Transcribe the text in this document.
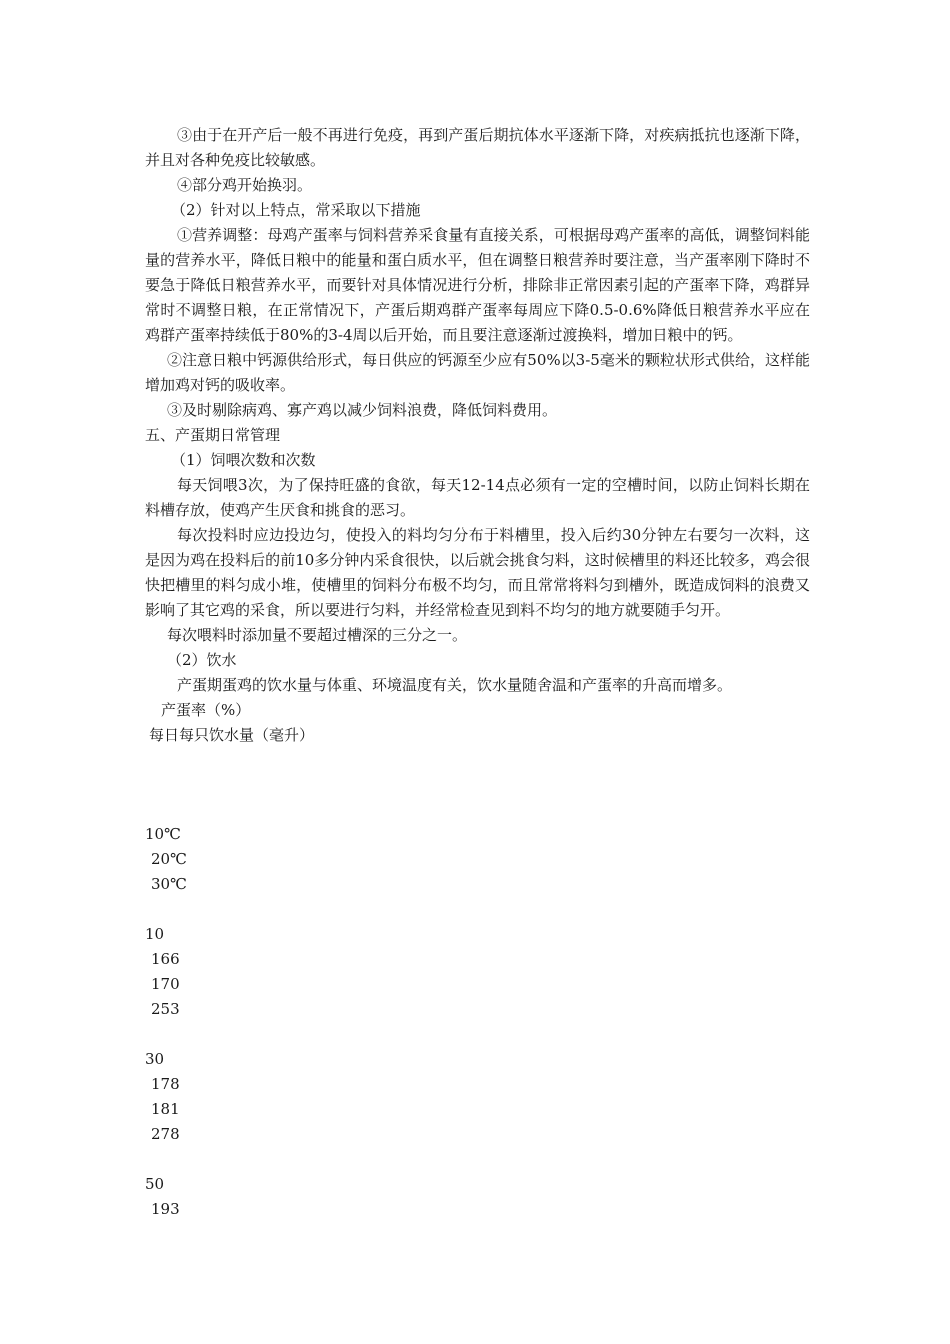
③由于在开产后一般不再进行免疫，再到产蛋后期抗体水平逐渐下降，对疾病抵抗也逐渐下降，并且对各种免疫比较敏感。

④部分鸡开始换羽。

（2）针对以上特点，常采取以下措施

①营养调整：母鸡产蛋率与饲料营养采食量有直接关系，可根据母鸡产蛋率的高低，调整饲料能量的营养水平，降低日粮中的能量和蛋白质水平，但在调整日粮营养时要注意，当产蛋率刚下降时不要急于降低日粮营养水平，而要针对具体情况进行分析，排除非正常因素引起的产蛋率下降，鸡群异常时不调整日粮，在正常情况下，产蛋后期鸡群产蛋率每周应下降0.5-0.6%降低日粮营养水平应在鸡群产蛋率持续低于80%的3-4周以后开始，而且要注意逐渐过渡换料，增加日粮中的钙。

②注意日粮中钙源供给形式，每日供应的钙源至少应有50%以3-5毫米的颗粒状形式供给，这样能增加鸡对钙的吸收率。

③及时剔除病鸡、寡产鸡以减少饲料浪费，降低饲料费用。

五、产蛋期日常管理

（1）饲喂次数和次数

每天饲喂3次，为了保持旺盛的食欲，每天12-14点必须有一定的空槽时间，以防止饲料长期在料槽存放，使鸡产生厌食和挑食的恶习。

每次投料时应边投边匀，使投入的料均匀分布于料槽里，投入后约30分钟左右要匀一次料，这是因为鸡在投料后的前10多分钟内采食很快，以后就会挑食匀料，这时候槽里的料还比较多，鸡会很快把槽里的料匀成小堆，使槽里的饲料分布极不均匀，而且常常将料匀到槽外，既造成饲料的浪费又影响了其它鸡的采食，所以要进行匀料，并经常检查见到料不均匀的地方就要随手匀开。

每次喂料时添加量不要超过槽深的三分之一。

（2）饮水

产蛋期蛋鸡的饮水量与体重、环境温度有关，饮水量随舍温和产蛋率的升高而增多。

产蛋率（%）

每日每只饮水量（毫升）

10℃

20℃

30℃

10

166

170

253

30

178

181

278

50

193
